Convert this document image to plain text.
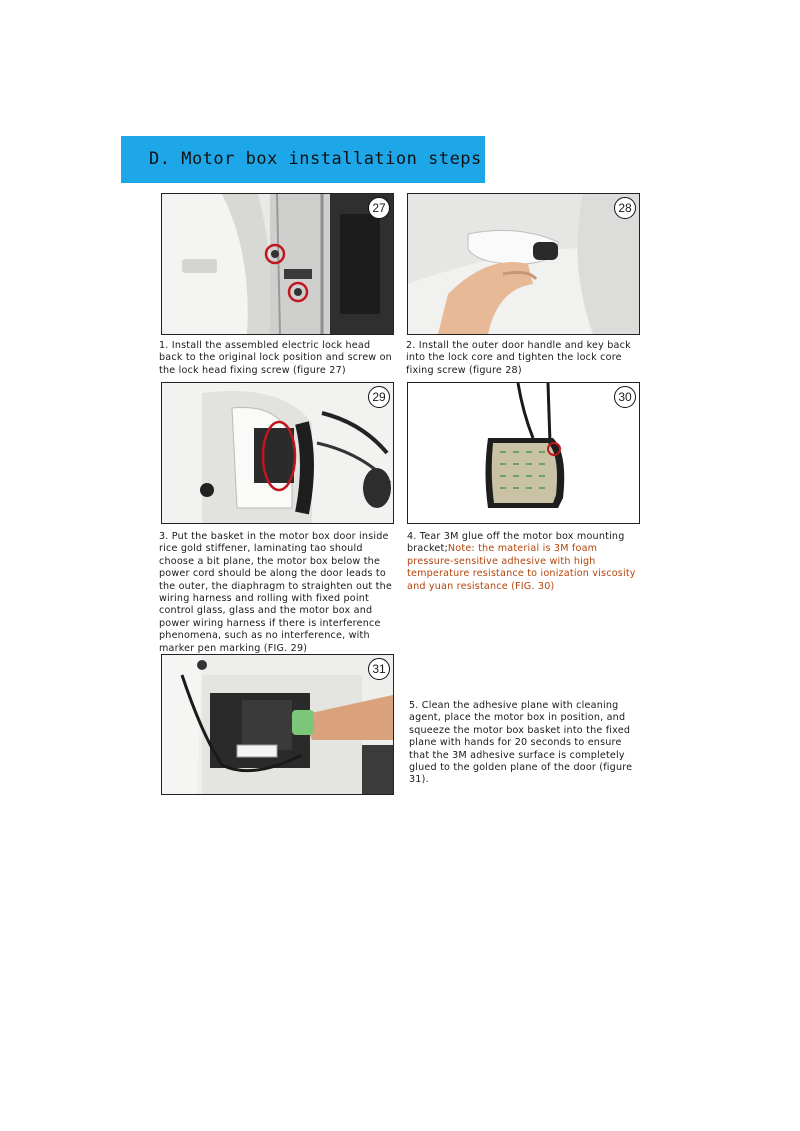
D. Motor box installation steps
27	28
1. Install the assembled electric lock head back to the original lock position and screw on the lock head fixing screw (figure 27)
2. Install the outer door handle and key back into the lock core and tighten the lock core fixing screw (figure 28)
29	30
3. Put the basket in the motor box door inside rice gold stiffener, laminating tao should choose a bit plane, the motor box below the power cord should be along the door leads to the outer, the diaphragm to straighten out the wiring harness and rolling with fixed point control glass, glass and the motor box and power wiring harness if there is interference phenomena, such as no interference, with marker pen marking (FIG. 29)
4. Tear 3M glue off the motor box mounting bracket;Note: the material is 3M foam pressure-sensitive adhesive with high temperature resistance to ionization viscosity and yuan resistance (FIG. 30)
31
5. Clean the adhesive plane with cleaning agent, place the motor box in position, and squeeze the motor box basket into the fixed plane with hands for 20 seconds to ensure that the 3M adhesive surface is completely glued to the golden plane of the door (figure 31).
